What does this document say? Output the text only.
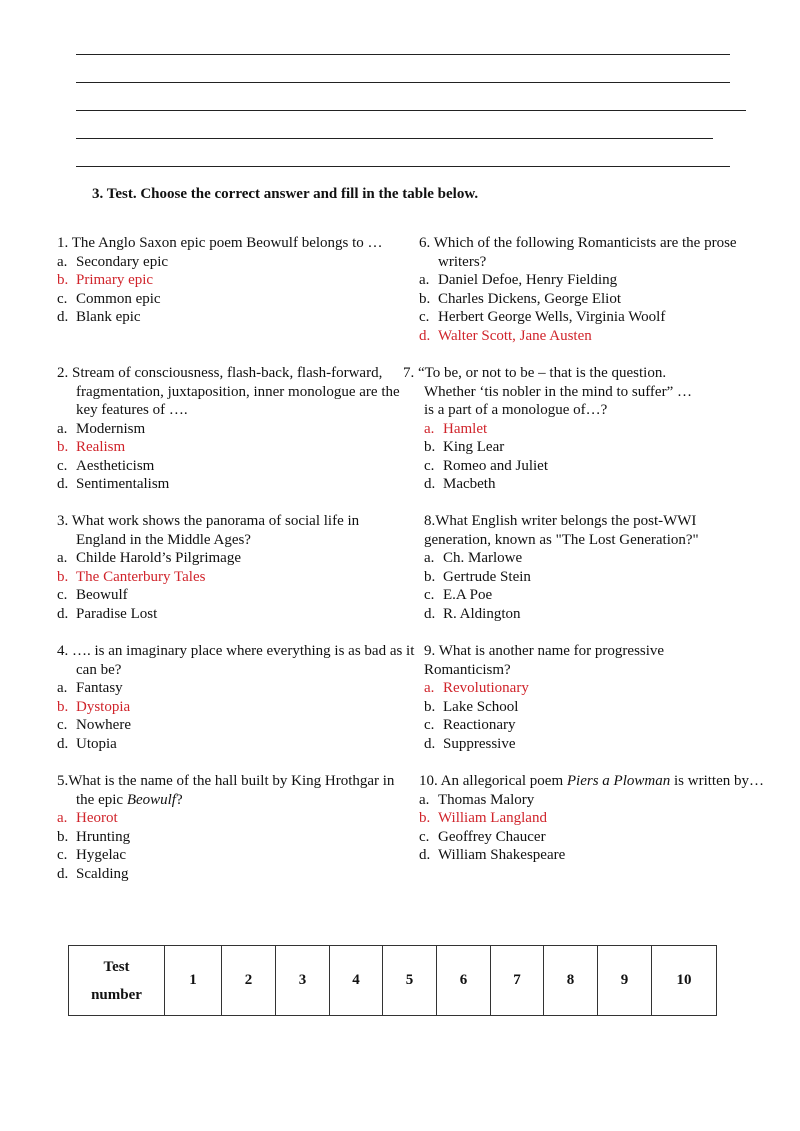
3. Test. Choose the correct answer and fill in the table below.
1. The Anglo Saxon epic poem Beowulf belongs to …
a. Secondary epic
b. Primary epic
c. Common epic
d. Blank epic
2. Stream of consciousness, flash-back, flash-forward, fragmentation, juxtaposition, inner monologue are the key features of ….
a. Modernism
b. Realism
c. Aestheticism
d. Sentimentalism
3. What work shows the panorama of social life in England in the Middle Ages?
a. Childe Harold’s Pilgrimage
b. The Canterbury Tales
c. Beowulf
d. Paradise Lost
4. …. is an imaginary place where everything is as bad as it can be?
a. Fantasy
b. Dystopia
c. Nowhere
d. Utopia
5.What is the name of the hall built by King Hrothgar in the epic Beowulf?
a. Heorot
b. Hrunting
c. Hygelac
d. Scalding
6. Which of the following Romanticists are the prose writers?
a. Daniel Defoe, Henry Fielding
b. Charles Dickens, George Eliot
c. Herbert George Wells, Virginia Woolf
d. Walter Scott, Jane Austen
7. “To be, or not to be – that is the question.
Whether ‘tis nobler in the mind to suffer” …
is a part of a monologue of…?
a. Hamlet
b. King Lear
c. Romeo and Juliet
d. Macbeth
8.What English writer belongs the post-WWI
generation, known as "The Lost Generation?"
a. Ch. Marlowe
b. Gertrude Stein
c. E.A Poe
d. R. Aldington
9. What is another name for progressive
Romanticism?
a. Revolutionary
b. Lake School
c. Reactionary
d. Suppressive
10. An allegorical poem Piers a Plowman is written by…
a. Thomas Malory
b. William Langland
c. Geoffrey Chaucer
d. William Shakespeare
Test
number	1	2	3	4	5	6	7	8	9	10
